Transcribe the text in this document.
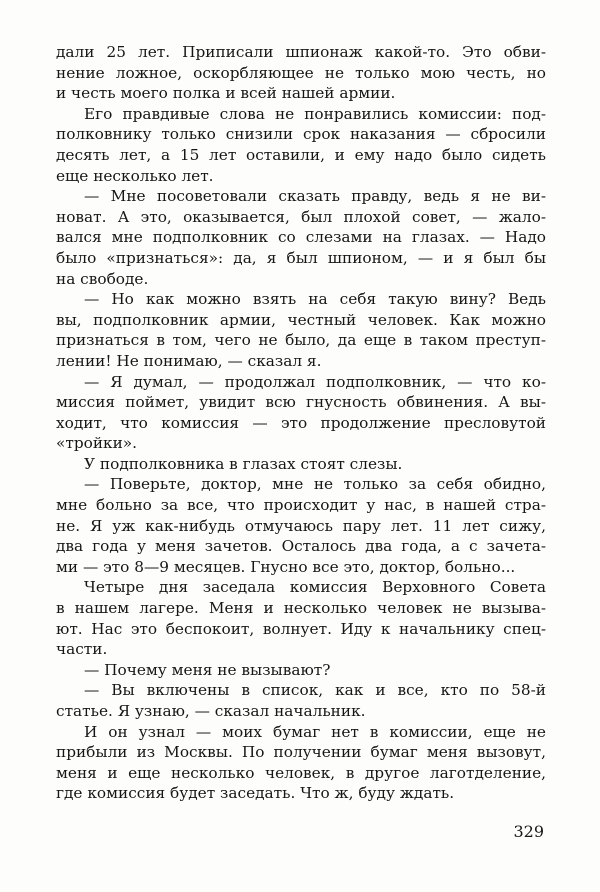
дали 25 лет. Приписали шпионаж какой-то. Это обви-
нение ложное, оскорбляющее не только мою честь, но
и честь моего полка и всей нашей армии.
Его правдивые слова не понравились комиссии: под-
полковнику только снизили срок наказания — сбросили
десять лет, а 15 лет оставили, и ему надо было сидеть
еще несколько лет.
— Мне посоветовали сказать правду, ведь я не ви-
новат. А это, оказывается, был плохой совет, — жало-
вался мне подполковник со слезами на глазах. — Надо
было «признаться»: да, я был шпионом, — и я был бы
на свободе.
— Но как можно взять на себя такую вину? Ведь
вы, подполковник армии, честный человек. Как можно
признаться в том, чего не было, да еще в таком преступ-
лении! Не понимаю, — сказал я.
— Я думал, — продолжал подполковник, — что ко-
миссия поймет, увидит всю гнусность обвинения. А вы-
ходит, что комиссия — это продолжение пресловутой
«тройки».
У подполковника в глазах стоят слезы.
— Поверьте, доктор, мне не только за себя обидно,
мне больно за все, что происходит у нас, в нашей стра-
не. Я уж как-нибудь отмучаюсь пару лет. 11 лет сижу,
два года у меня зачетов. Осталось два года, а с зачета-
ми — это 8—9 месяцев. Гнусно все это, доктор, больно...
Четыре дня заседала комиссия Верховного Совета
в нашем лагере. Меня и несколько человек не вызыва-
ют. Нас это беспокоит, волнует. Иду к начальнику спец-
части.
— Почему меня не вызывают?
— Вы включены в список, как и все, кто по 58-й
статье. Я узнаю, — сказал начальник.
И он узнал — моих бумаг нет в комиссии, еще не
прибыли из Москвы. По получении бумаг меня вызовут,
меня и еще несколько человек, в другое лаготделение,
где комиссия будет заседать. Что ж, буду ждать.
329
